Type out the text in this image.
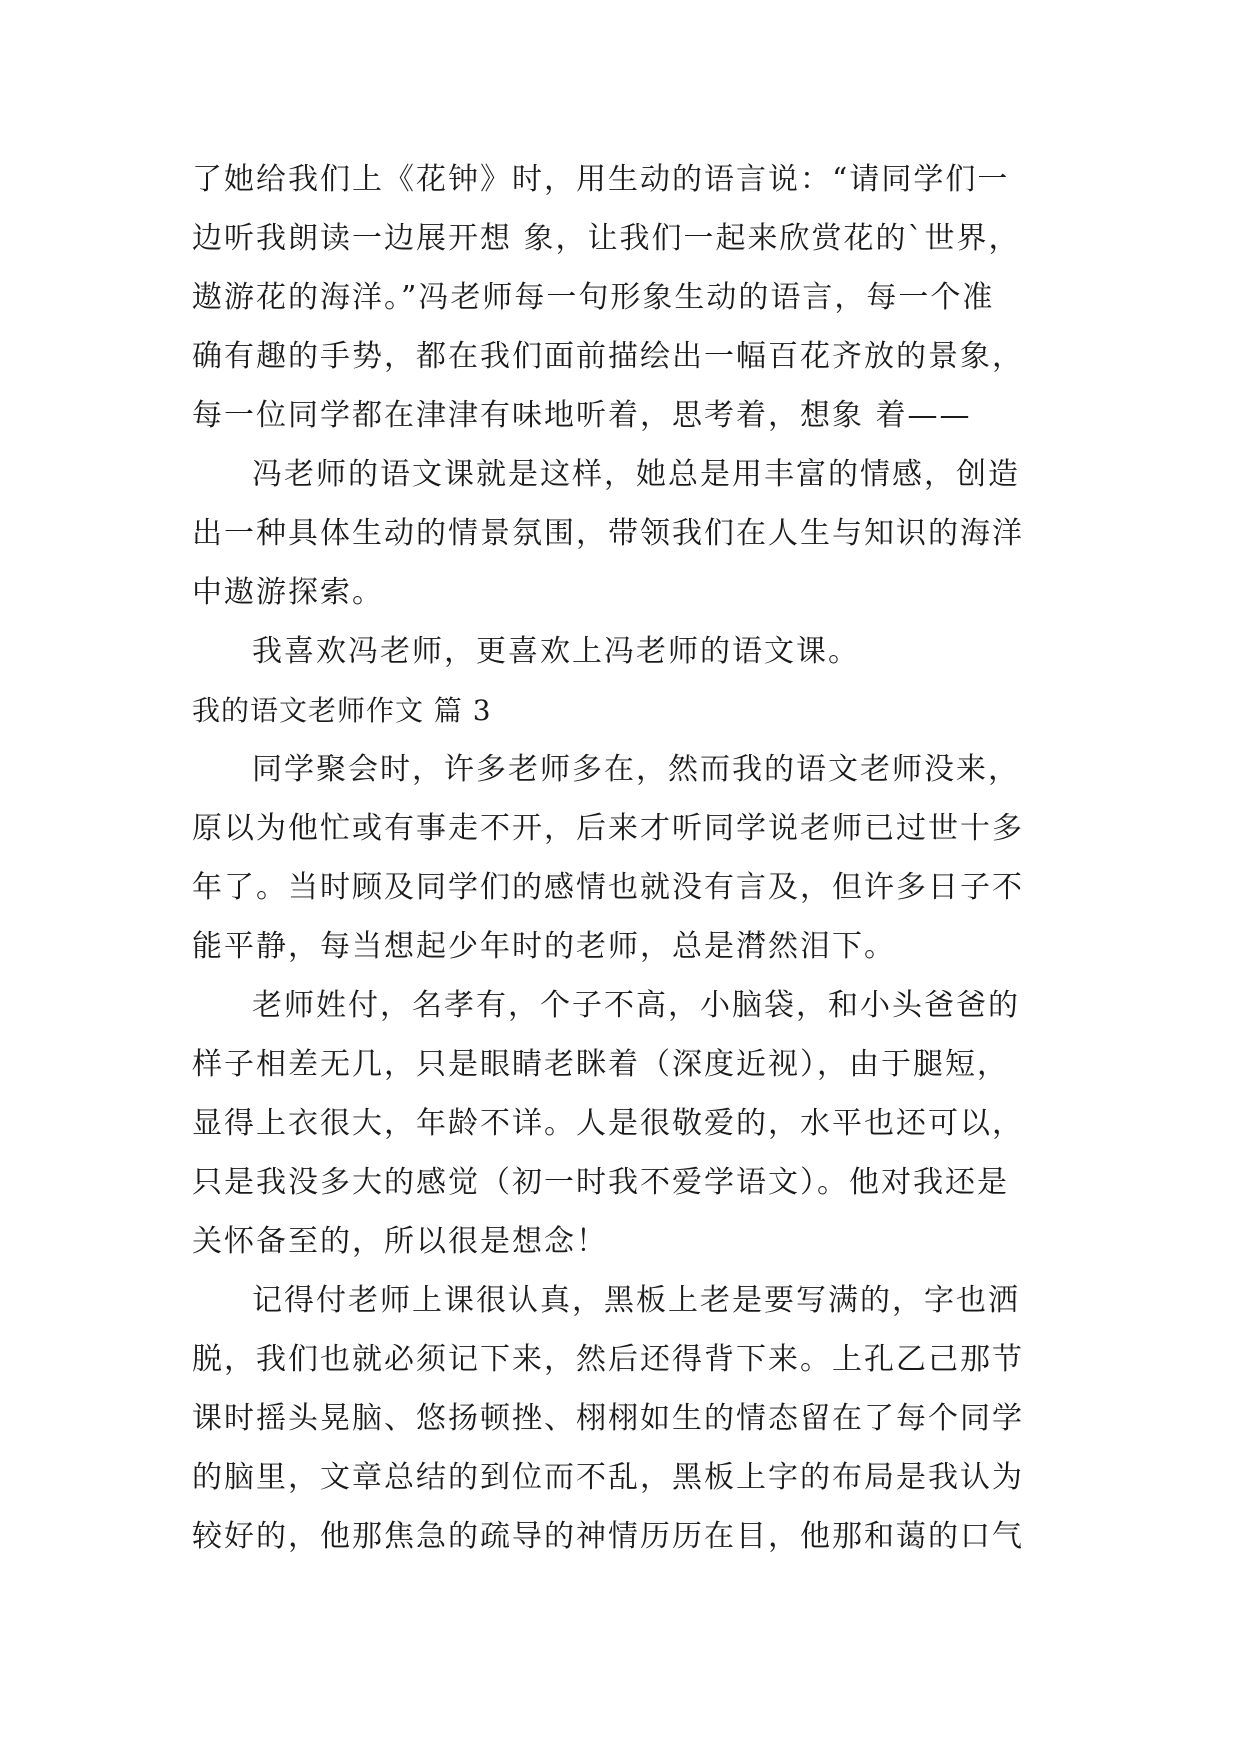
了她给我们上《花钟》时，用生动的语言说：“请同学们一
边听我朗读一边展开想 象，让我们一起来欣赏花的`世界，
遨游花的海洋。”冯老师每一句形象生动的语言，每一个准
确有趣的手势，都在我们面前描绘出一幅百花齐放的景象，
每一位同学都在津津有味地听着，思考着，想象 着——
冯老师的语文课就是这样，她总是用丰富的情感，创造
出一种具体生动的情景氛围，带领我们在人生与知识的海洋
中遨游探索。
我喜欢冯老师，更喜欢上冯老师的语文课。
我的语文老师作文 篇 3
同学聚会时，许多老师多在，然而我的语文老师没来，
原以为他忙或有事走不开，后来才听同学说老师已过世十多
年了。当时顾及同学们的感情也就没有言及，但许多日子不
能平静，每当想起少年时的老师，总是潸然泪下。
老师姓付，名孝有，个子不高，小脑袋，和小头爸爸的
样子相差无几，只是眼睛老眯着（深度近视），由于腿短，
显得上衣很大，年龄不详。人是很敬爱的，水平也还可以，
只是我没多大的感觉（初一时我不爱学语文）。他对我还是
关怀备至的，所以很是想念！
记得付老师上课很认真，黑板上老是要写满的，字也洒
脱，我们也就必须记下来，然后还得背下来。上孔乙己那节
课时摇头晃脑、悠扬顿挫、栩栩如生的情态留在了每个同学
的脑里，文章总结的到位而不乱，黑板上字的布局是我认为
较好的，他那焦急的疏导的神情历历在目，他那和蔼的口气
